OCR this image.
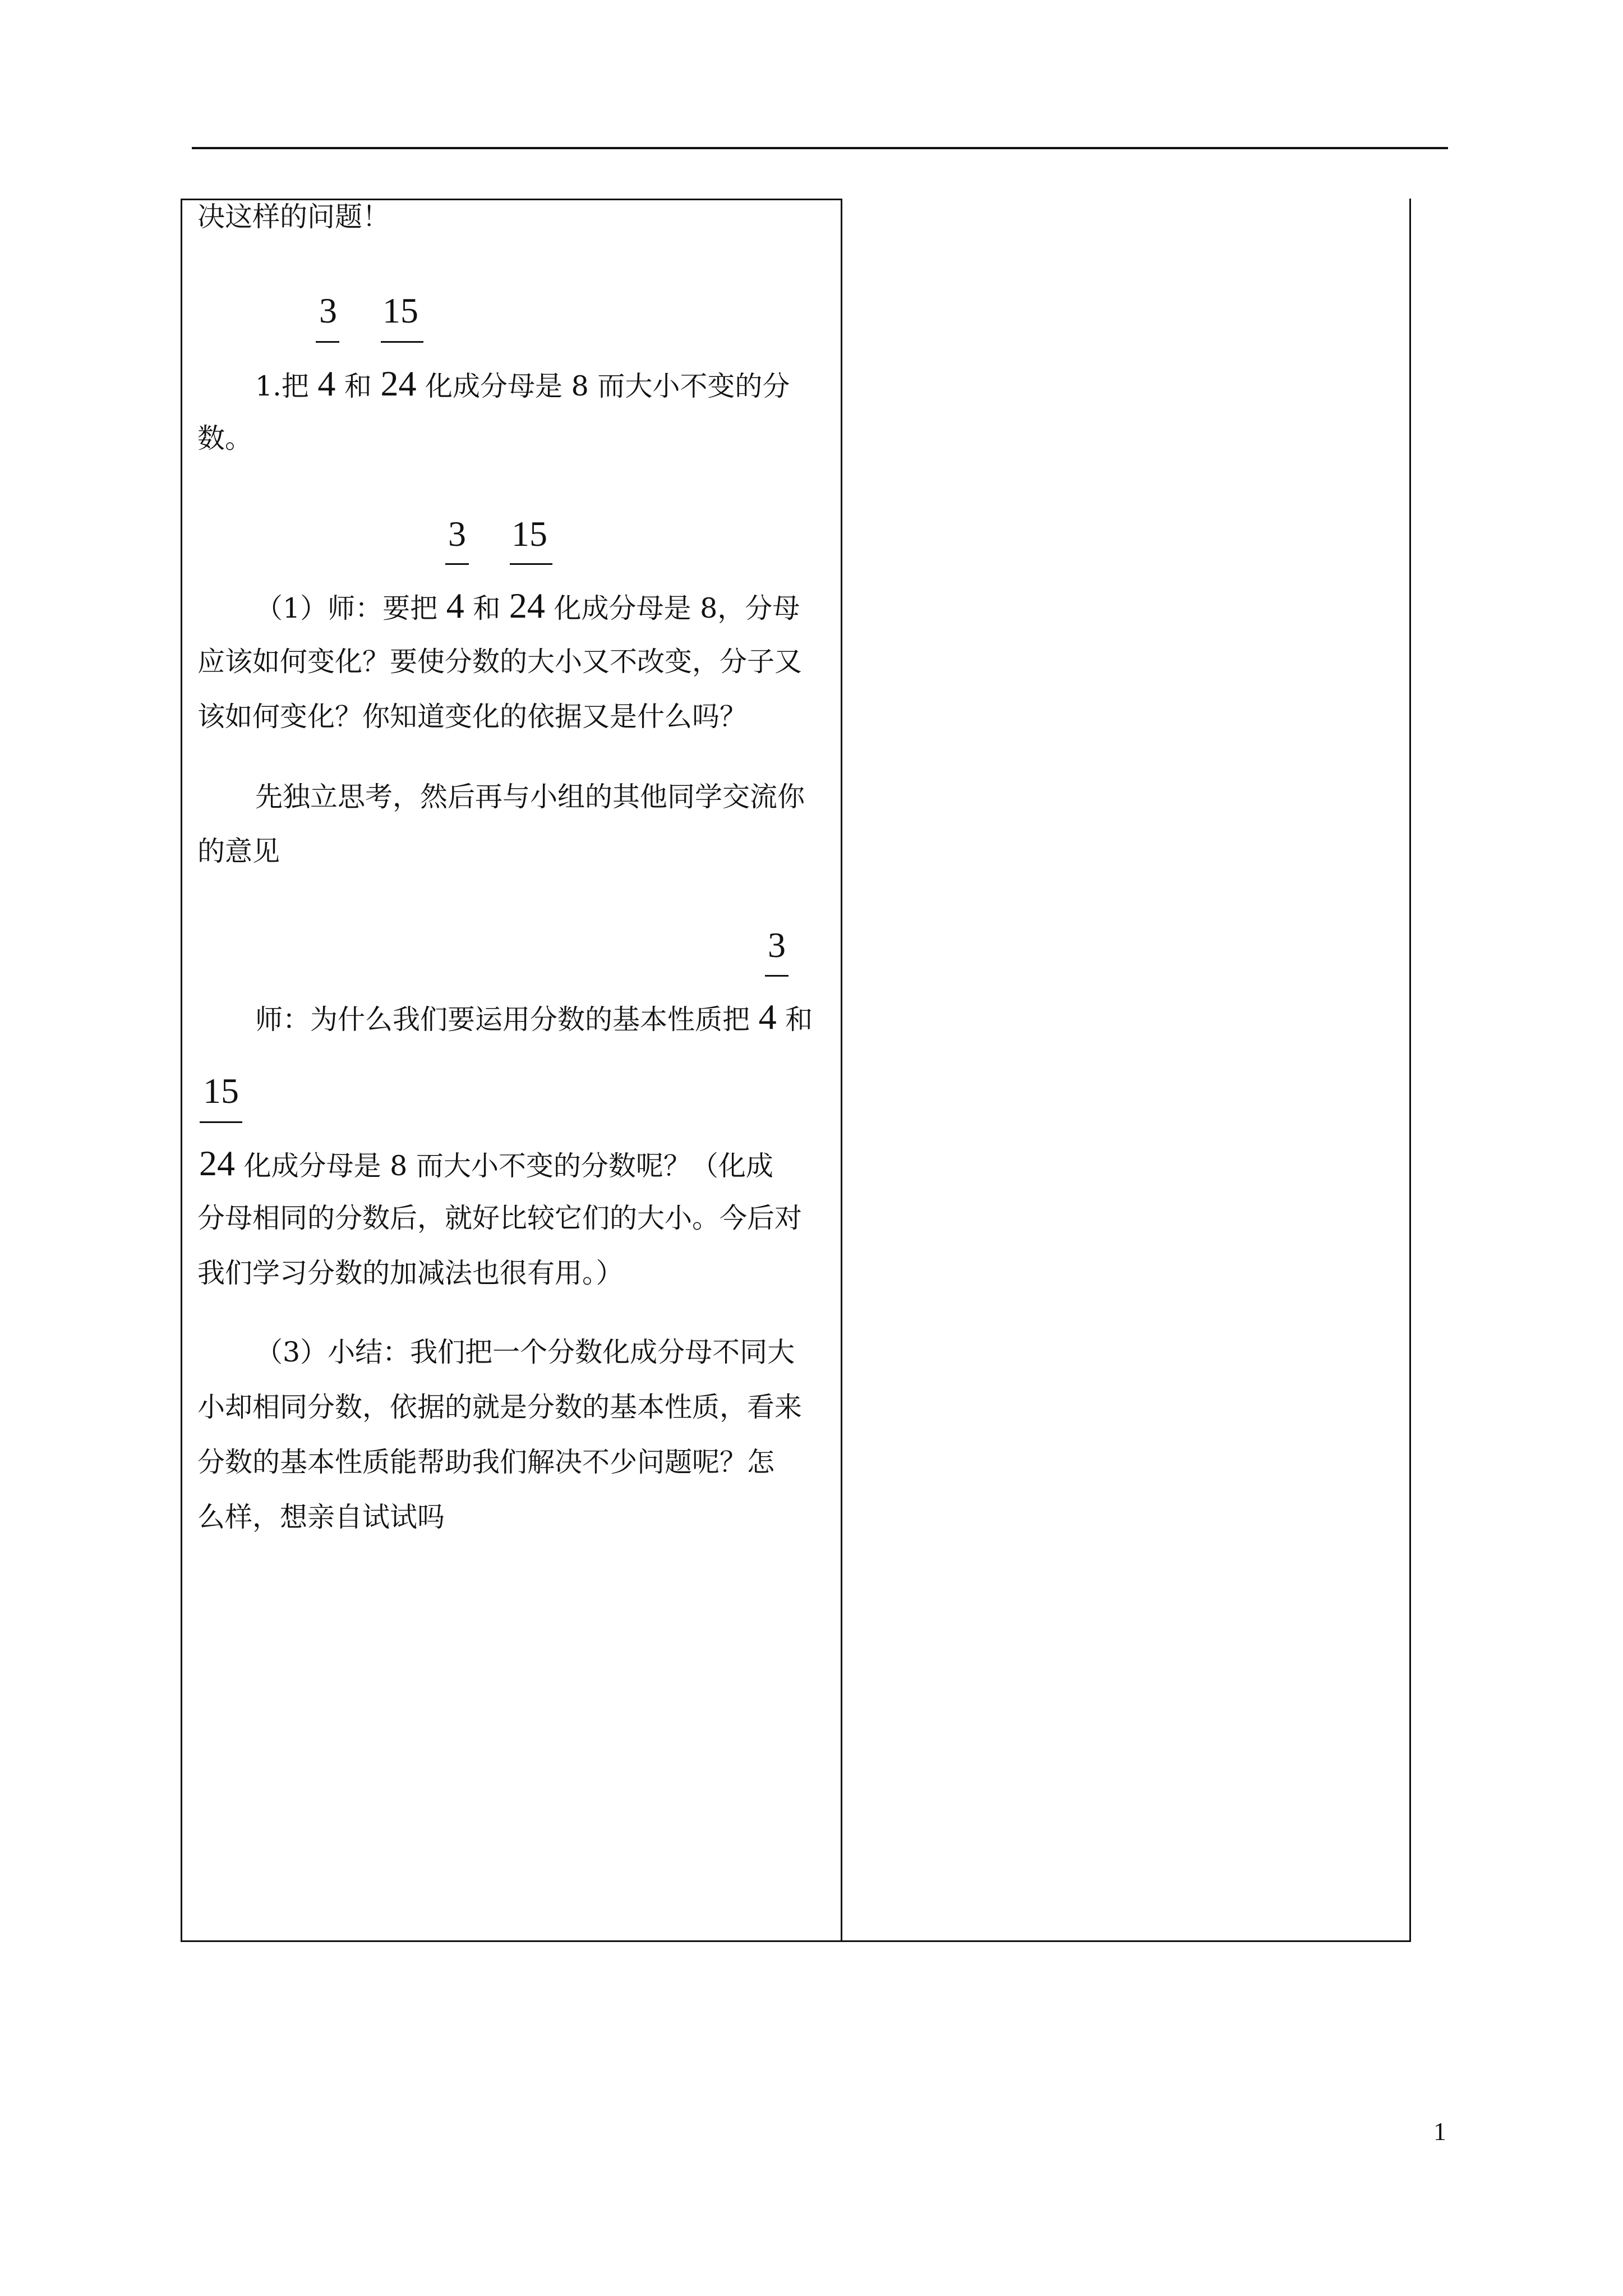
决这样的问题！
3 15
1.把 4 和 24 化成分母是 8 而大小不变的分
数。
3 15
（1）师：要把 4 和 24 化成分母是 8，分母
应该如何变化？要使分数的大小又不改变，分子又
该如何变化？你知道变化的依据又是什么吗？
先独立思考，然后再与小组的其他同学交流你
的意见
3
师：为什么我们要运用分数的基本性质把 4 和
15
24 化成分母是 8 而大小不变的分数呢？（化成
分母相同的分数后，就好比较它们的大小。今后对
我们学习分数的加减法也很有用。）
（3）小结：我们把一个分数化成分母不同大
小却相同分数，依据的就是分数的基本性质，看来
分数的基本性质能帮助我们解决不少问题呢？怎
么样，想亲自试试吗
1
